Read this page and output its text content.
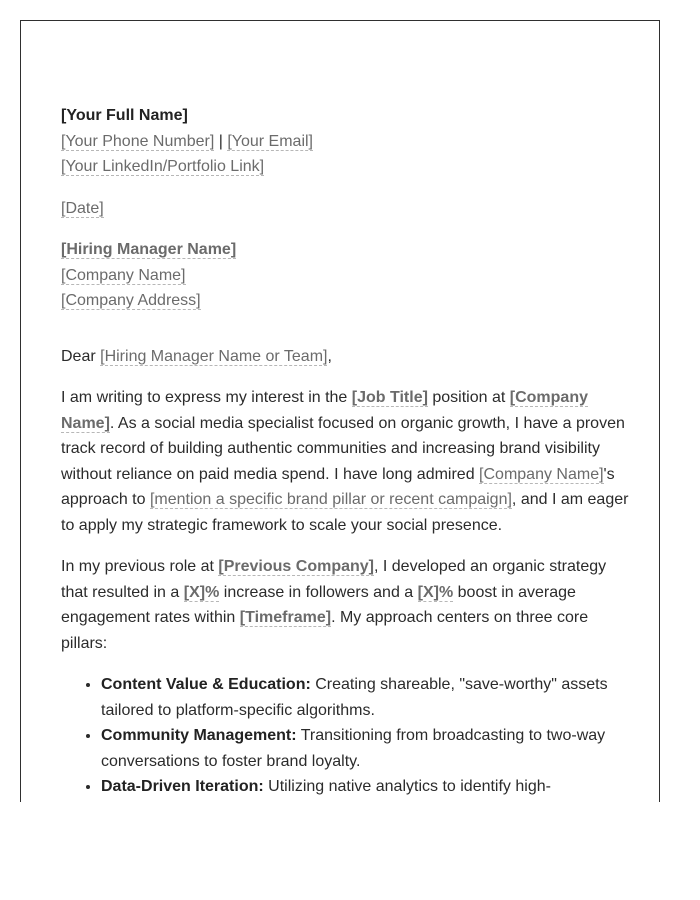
[Your Full Name]

[Your Phone Number] | [Your Email]

[Your LinkedIn/Portfolio Link]

[Date]

[Hiring Manager Name]

[Company Name]

[Company Address]

Dear [Hiring Manager Name or Team],

I am writing to express my interest in the [Job Title] position at [Company Name]. As a social media specialist focused on organic growth, I have a proven track record of building authentic communities and increasing brand visibility without reliance on paid media spend. I have long admired [Company Name]'s approach to [mention a specific brand pillar or recent campaign], and I am eager to apply my strategic framework to scale your social presence.

In my previous role at [Previous Company], I developed an organic strategy that resulted in a [X]% increase in followers and a [X]% boost in average engagement rates within [Timeframe]. My approach centers on three core pillars:

• Content Value & Education: Creating shareable, "save-worthy" assets tailored to platform-specific algorithms.
• Community Management: Transitioning from broadcasting to two-way conversations to foster brand loyalty.
• Data-Driven Iteration: Utilizing native analytics to identify high-
